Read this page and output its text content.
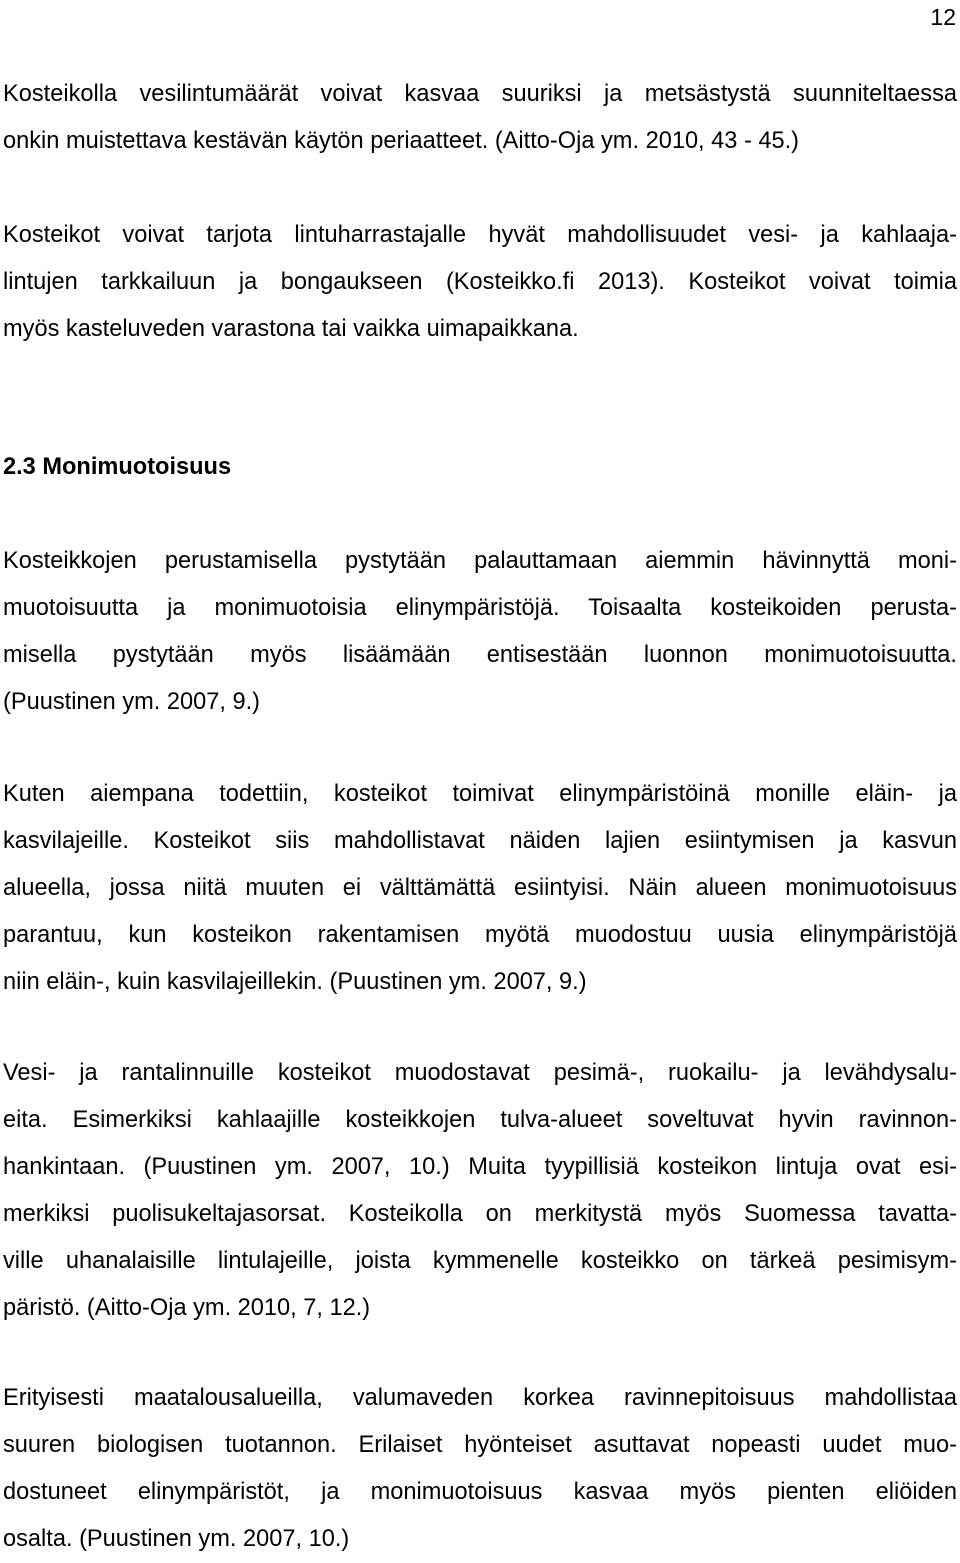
12
Kosteikolla vesilintumäärät voivat kasvaa suuriksi ja metsästystä suunniteltaessa
onkin muistettava kestävän käytön periaatteet. (Aitto-Oja ym. 2010, 43 - 45.)
Kosteikot voivat tarjota lintuharrastajalle hyvät mahdollisuudet vesi- ja kahlaaja-
lintujen tarkkailuun ja bongaukseen (Kosteikko.fi 2013). Kosteikot voivat toimia
myös kasteluveden varastona tai vaikka uimapaikkana.
2.3 Monimuotoisuus
Kosteikkojen perustamisella pystytään palauttamaan aiemmin hävinnyttä moni-
muotoisuutta ja monimuotoisia elinympäristöjä. Toisaalta kosteikoiden perusta-
misella pystytään myös lisäämään entisestään luonnon monimuotoisuutta.
(Puustinen ym. 2007, 9.)
Kuten aiempana todettiin, kosteikot toimivat elinympäristöinä monille eläin- ja
kasvilajeille. Kosteikot siis mahdollistavat näiden lajien esiintymisen ja kasvun
alueella, jossa niitä muuten ei välttämättä esiintyisi. Näin alueen monimuotoisuus
parantuu, kun kosteikon rakentamisen myötä muodostuu uusia elinympäristöjä
niin eläin-, kuin kasvilajeillekin. (Puustinen ym. 2007, 9.)
Vesi- ja rantalinnuille kosteikot muodostavat pesimä-, ruokailu- ja levähdysalu-
eita. Esimerkiksi kahlaajille kosteikkojen tulva-alueet soveltuvat hyvin ravinnon-
hankintaan. (Puustinen ym. 2007, 10.) Muita tyypillisiä kosteikon lintuja ovat esi-
merkiksi puolisukeltajasorsat. Kosteikolla on merkitystä myös Suomessa tavatta-
ville uhanalaisille lintulajeille, joista kymmenelle kosteikko on tärkeä pesimisym-
päristö. (Aitto-Oja ym. 2010, 7, 12.)
Erityisesti maatalousalueilla, valumaveden korkea ravinnepitoisuus mahdollistaa
suuren biologisen tuotannon. Erilaiset hyönteiset asuttavat nopeasti uudet muo-
dostuneet elinympäristöt, ja monimuotoisuus kasvaa myös pienten eliöiden
osalta. (Puustinen ym. 2007, 10.)
